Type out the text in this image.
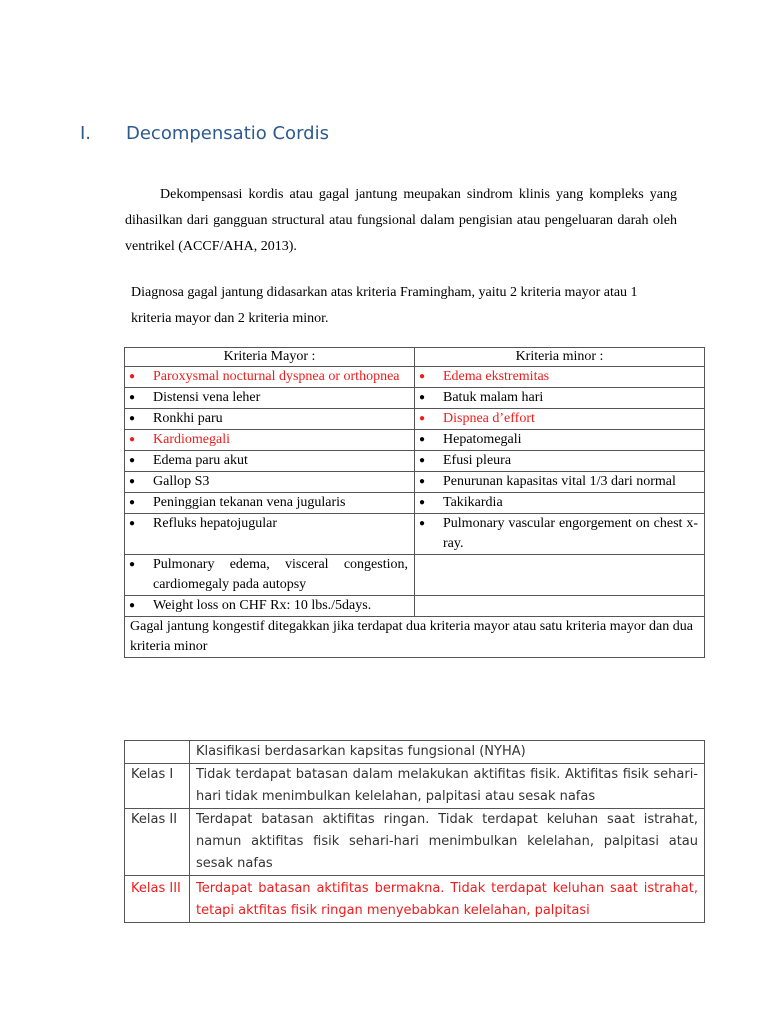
I. Decompensatio Cordis
Dekompensasi kordis atau gagal jantung meupakan sindrom klinis yang kompleks yang dihasilkan dari gangguan structural atau fungsional dalam pengisian atau pengeluaran darah oleh ventrikel (ACCF/AHA, 2013).
Diagnosa gagal jantung didasarkan atas kriteria Framingham, yaitu 2 kriteria mayor atau 1 kriteria mayor dan 2 kriteria minor.
Kriteria Mayor :	Kriteria minor :

● Paroxysmal nocturnal dyspnea or orthopnea	● Edema ekstremitas

● Distensi vena leher	● Batuk malam hari

● Ronkhi paru	● Dispnea d’effort

● Kardiomegali	● Hepatomegali

● Edema paru akut	● Efusi pleura

● Gallop S3	● Penurunan kapasitas vital 1/3 dari normal

● Peninggian tekanan vena jugularis	● Takikardia

● Refluks hepatojugular	● Pulmonary vascular engorgement on chest x-ray.

● Pulmonary edema, visceral congestion, cardiomegaly pada autopsy	

● Weight loss on CHF Rx: 10 lbs./5days.	

Gagal jantung kongestif ditegakkan jika terdapat dua kriteria mayor atau satu kriteria mayor dan dua kriteria minor	
	Klasifikasi berdasarkan kapsitas fungsional (NYHA)
Kelas I	Tidak terdapat batasan dalam melakukan aktifitas fisik. Aktifitas fisik sehari-hari tidak menimbulkan kelelahan, palpitasi atau sesak nafas
Kelas II	Terdapat batasan aktifitas ringan. Tidak terdapat keluhan saat istrahat, namun aktifitas fisik sehari-hari menimbulkan kelelahan, palpitasi atau sesak nafas
Kelas III	Terdapat batasan aktifitas bermakna. Tidak terdapat keluhan saat istrahat, tetapi aktfitas fisik ringan menyebabkan kelelahan, palpitasi
